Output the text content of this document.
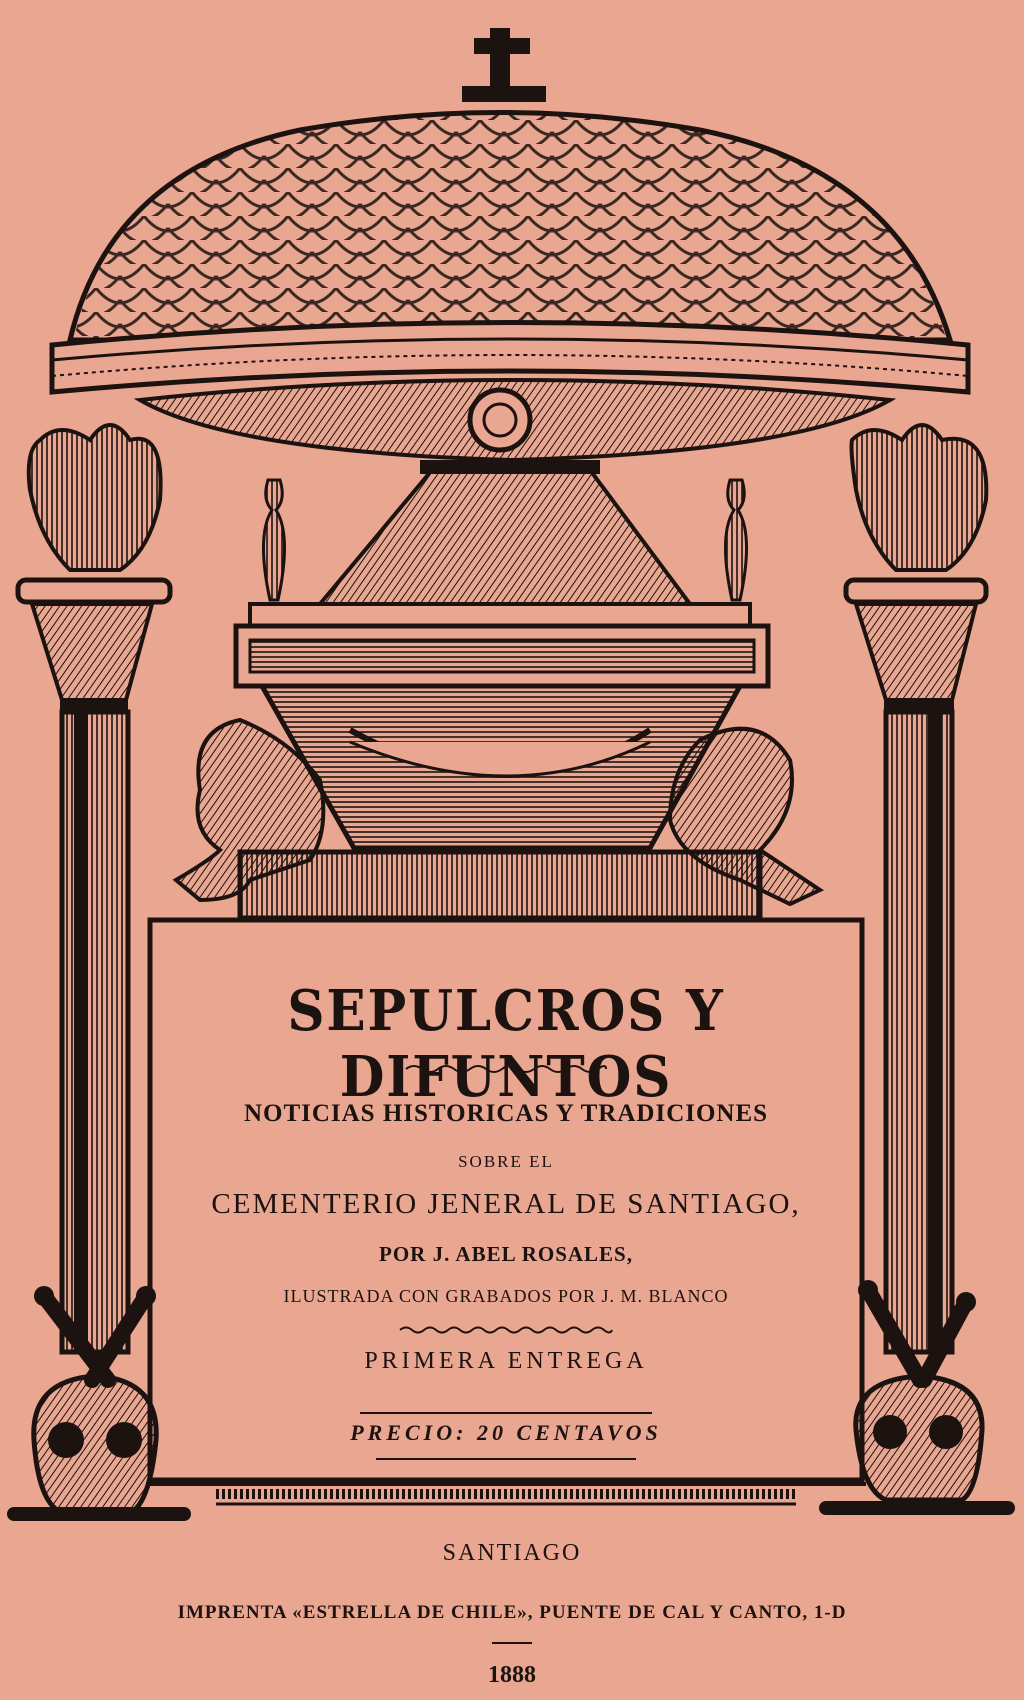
SEPULCROS Y DIFUNTOS
NOTICIAS HISTORICAS Y TRADICIONES
SOBRE EL
CEMENTERIO JENERAL DE SANTIAGO,
POR J. ABEL ROSALES,
ILUSTRADA CON GRABADOS POR J. M. BLANCO
PRIMERA ENTREGA
PRECIO: 20 CENTAVOS
SANTIAGO
IMPRENTA «ESTRELLA DE CHILE», PUENTE DE CAL Y CANTO, 1-D
1888
